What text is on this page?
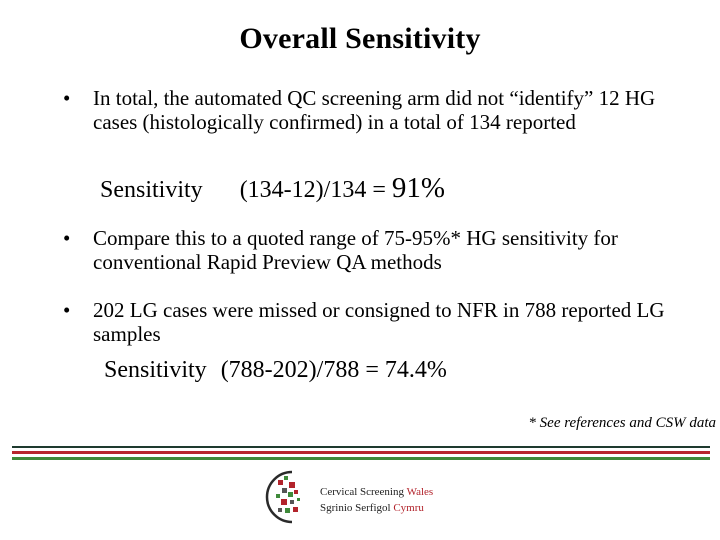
Overall Sensitivity
• In total, the automated QC screening arm did not “identify” 12 HG cases (histologically confirmed) in a total of 134 reported
Sensitivity (134-12)/134 = 91%
• Compare this to a quoted range of 75-95%* HG sensitivity for conventional Rapid Preview QA methods
• 202 LG cases were missed or consigned to NFR in 788 reported LG samples
Sensitivity (788-202)/788 = 74.4%
* See references and CSW data
Cervical Screening Wales
Sgrinio Serfigol Cymru
